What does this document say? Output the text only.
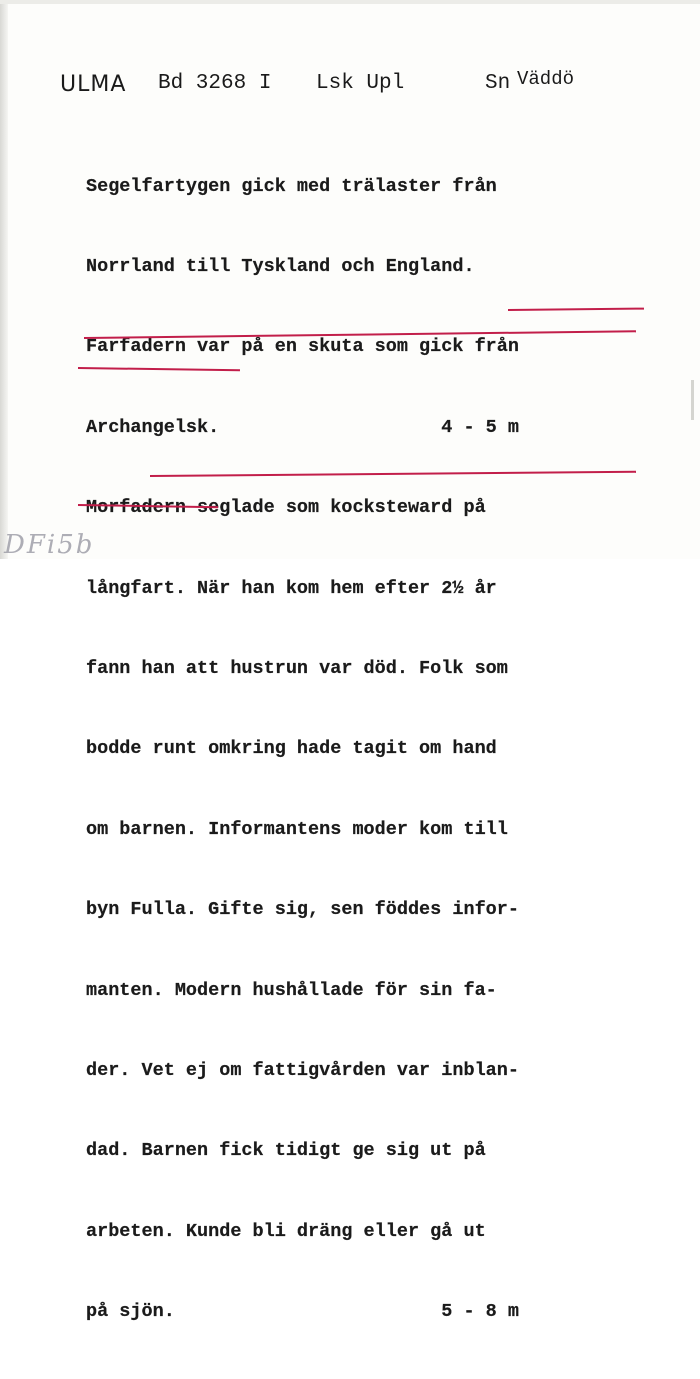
ULMA Bd 3268 I Lsk Upl	Sn Väddö

Segelfartygen gick med trälaster från

Norrland till Tyskland och England.

Farfadern var på en skuta som gick från

Archangelsk.                    4 - 5 m

Morfadern seglade som kocksteward på

långfart. När han kom hem efter 2½ år

fann han att hustrun var död. Folk som

bodde runt omkring hade tagit om hand

om barnen. Informantens moder kom till

byn Fulla. Gifte sig, sen föddes infor-

manten. Modern hushållade för sin fa-

der. Vet ej om fattigvården var inblan-

dad. Barnen fick tidigt ge sig ut på

arbeten. Kunde bli dräng eller gå ut

på sjön.                        5 - 8 m

DFi5b
